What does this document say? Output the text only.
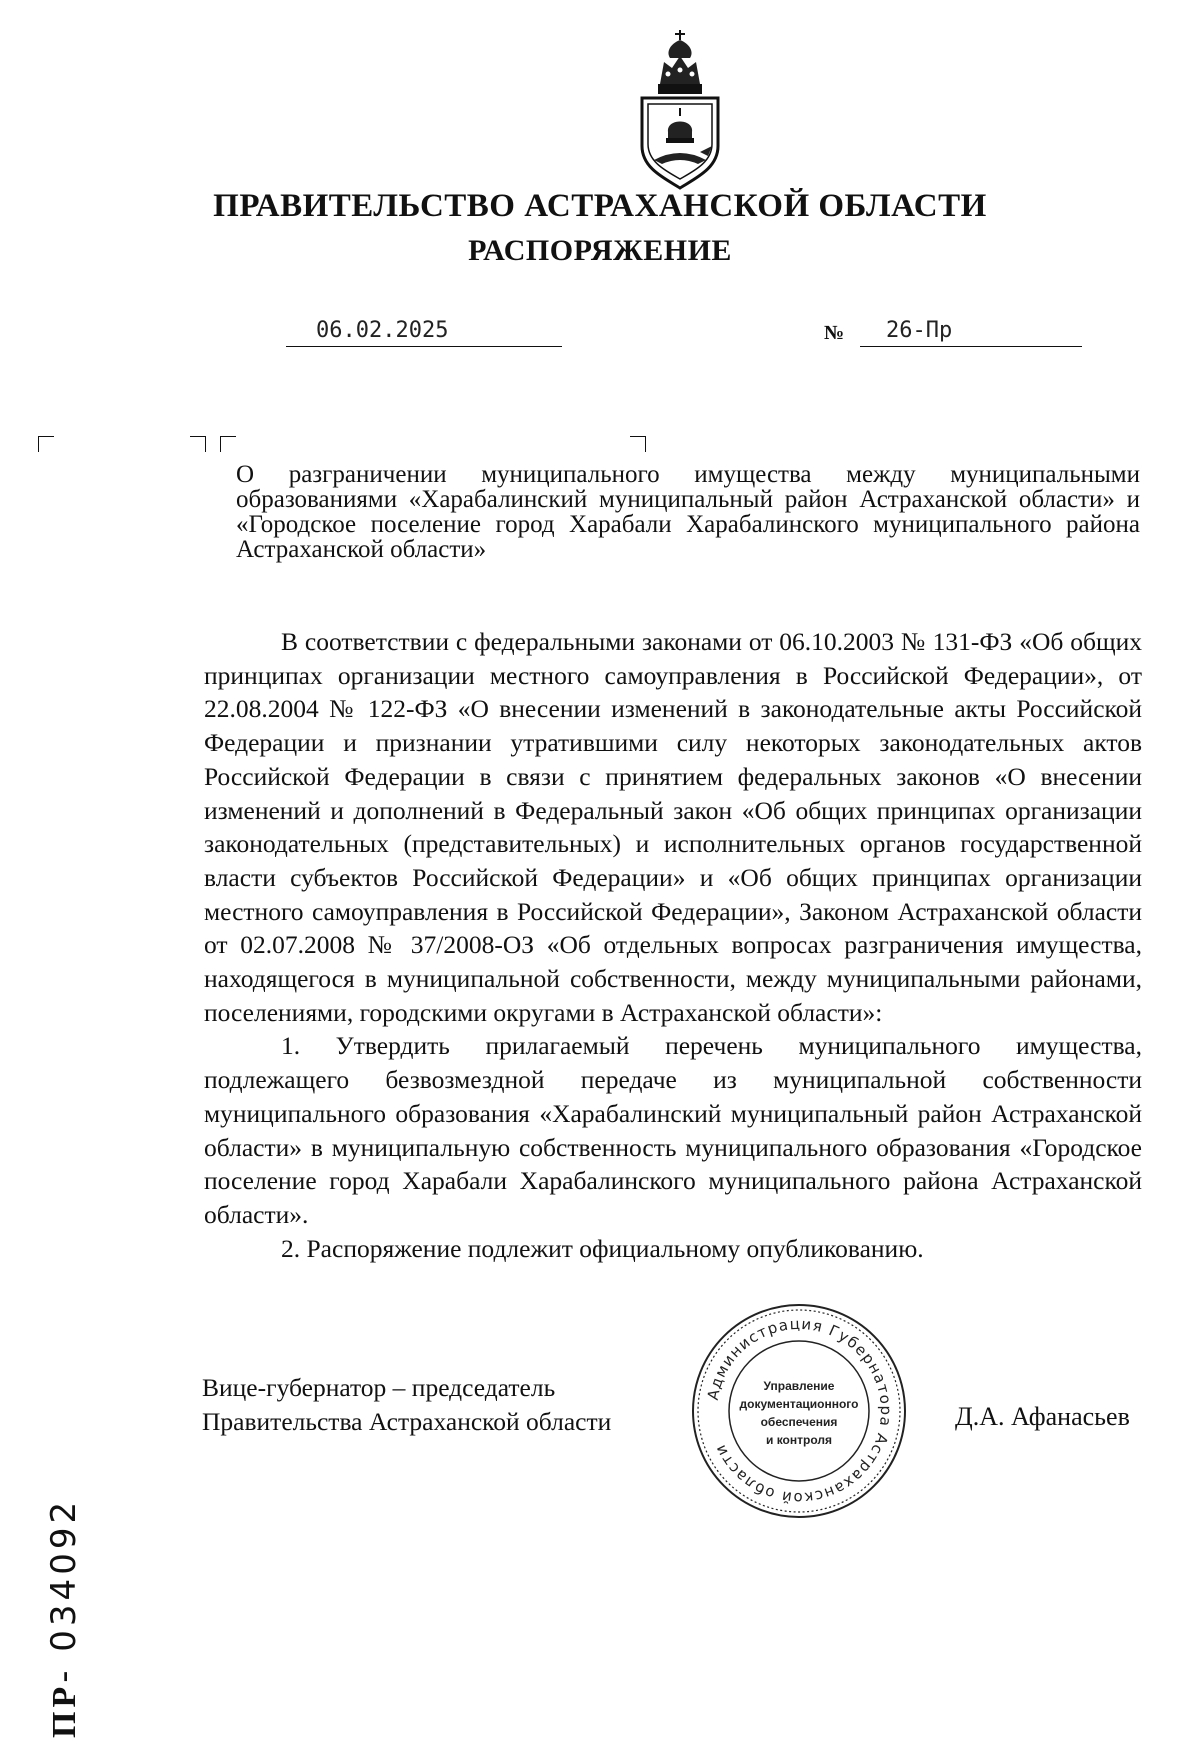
ПРАВИТЕЛЬСТВО АСТРАХАНСКОЙ ОБЛАСТИ
РАСПОРЯЖЕНИЕ
06.02.2025	№	26-Пр
О разграничении муниципального имущества между муниципальными образованиями «Харабалинский муниципальный район Астраханской области» и «Городское поселение город Харабали Харабалинского муниципального района Астраханской области»

В соответствии с федеральными законами от 06.10.2003 № 131-ФЗ «Об общих принципах организации местного самоуправления в Российской Федерации», от 22.08.2004 № 122-ФЗ «О внесении изменений в законодательные акты Российской Федерации и признании утратившими силу некоторых законодательных актов Российской Федерации в связи с принятием федеральных законов «О внесении изменений и дополнений в Федеральный закон «Об общих принципах организации законодательных (представительных) и исполнительных органов государственной власти субъектов Российской Федерации» и «Об общих принципах организации местного самоуправления в Российской Федерации», Законом Астраханской области от 02.07.2008 № 37/2008-ОЗ «Об отдельных вопросах разграничения имущества, находящегося в муниципальной собственности, между муниципальными районами, поселениями, городскими округами в Астраханской области»:

1. Утвердить прилагаемый перечень муниципального имущества, подлежащего безвозмездной передаче из муниципальной собственности муниципального образования «Харабалинский муниципальный район Астраханской области» в муниципальную собственность муниципального образования «Городское поселение город Харабали Харабалинского муниципального района Астраханской области».

2. Распоряжение подлежит официальному опубликованию.

Вице-губернатор – председатель
Правительства Астраханской области
Администрация Губернатора Астраханской области
Управление
документационного
обеспечения
и контроля
Д.А. Афанасьев
ПР- 034092
